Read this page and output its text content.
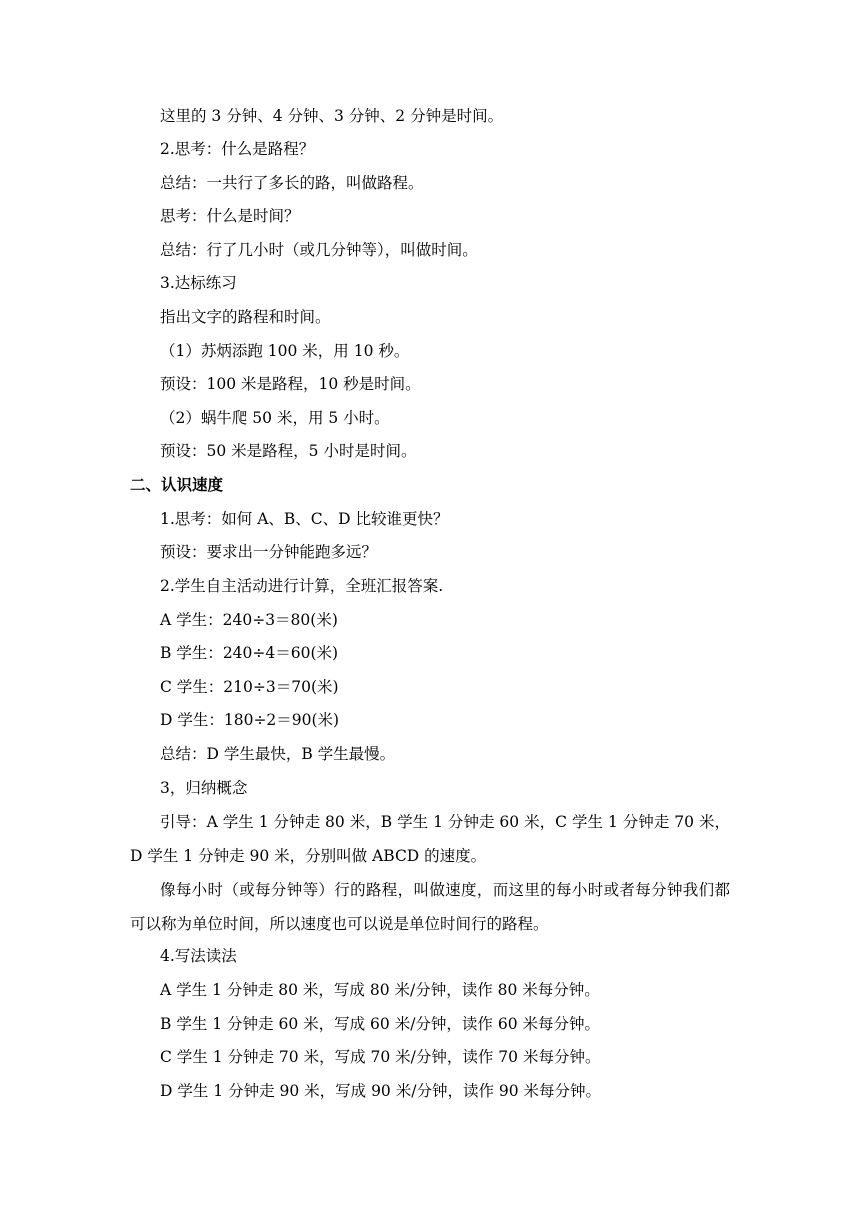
这里的 3 分钟、4 分钟、3 分钟、2 分钟是时间。
2.思考：什么是路程？
总结：一共行了多长的路，叫做路程。
思考：什么是时间？
总结：行了几小时（或几分钟等），叫做时间。
3.达标练习
指出文字的路程和时间。
（1）苏炳添跑 100 米，用 10 秒。
预设：100 米是路程，10 秒是时间。
（2）蜗牛爬 50 米，用 5 小时。
预设：50 米是路程，5 小时是时间。
二、认识速度
1.思考：如何 A、B、C、D 比较谁更快？
预设：要求出一分钟能跑多远？
2.学生自主活动进行计算，全班汇报答案.
A 学生：240÷3＝80(米)
B 学生：240÷4＝60(米)
C 学生：210÷3＝70(米)
D 学生：180÷2＝90(米)
总结：D 学生最快，B 学生最慢。
3，归纳概念
引导：A 学生 1 分钟走 80 米，B 学生 1 分钟走 60 米，C 学生 1 分钟走 70 米，D 学生 1 分钟走 90 米，分别叫做 ABCD 的速度。
像每小时（或每分钟等）行的路程，叫做速度，而这里的每小时或者每分钟我们都可以称为单位时间，所以速度也可以说是单位时间行的路程。
4.写法读法
A 学生 1 分钟走 80 米，写成 80 米/分钟，读作 80 米每分钟。
B 学生 1 分钟走 60 米，写成 60 米/分钟，读作 60 米每分钟。
C 学生 1 分钟走 70 米，写成 70 米/分钟，读作 70 米每分钟。
D 学生 1 分钟走 90 米，写成 90 米/分钟，读作 90 米每分钟。
